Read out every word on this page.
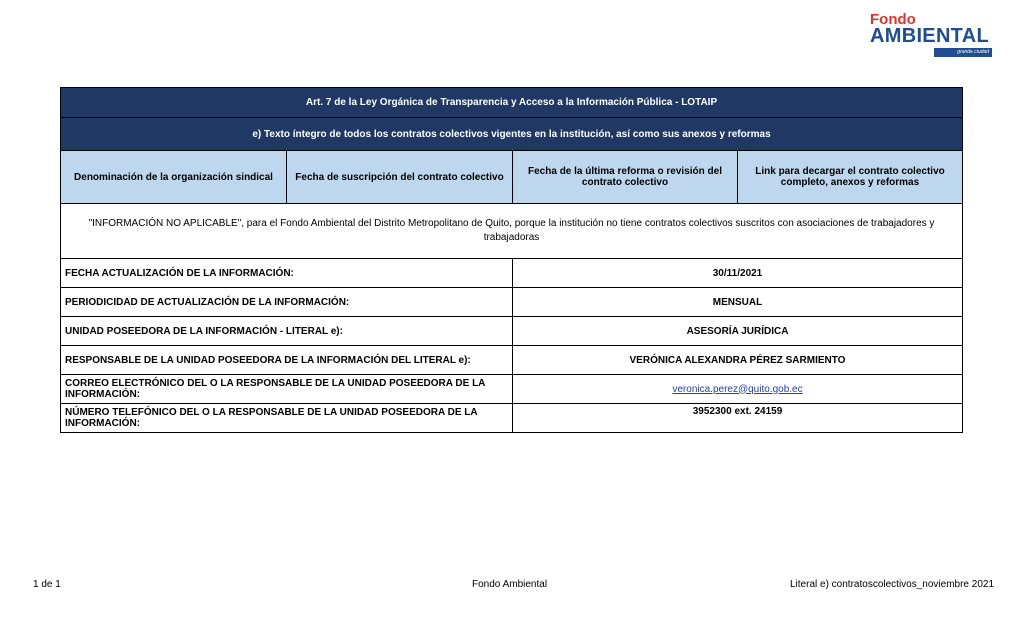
Fondo
AMBIENTAL
grande ciudad
Art. 7 de la Ley Orgánica de Transparencia y Acceso a la Información Pública - LOTAIP			
e) Texto íntegro de todos los contratos colectivos vigentes en la institución, así como sus anexos y reformas			
Denominación de la organización sindical	Fecha de suscripción del contrato colectivo	Fecha de la última reforma o revisión del contrato colectivo	Link para decargar el contrato colectivo completo, anexos y reformas
"INFORMACIÓN NO APLICABLE", para el Fondo Ambiental del Distrito Metropolitano de Quito, porque la institución no tiene contratos colectivos suscritos con asociaciones de trabajadores y trabajadoras			
FECHA ACTUALIZACIÓN DE LA INFORMACIÓN:		30/11/2021	
PERIODICIDAD DE ACTUALIZACIÓN DE LA INFORMACIÓN:		MENSUAL	
UNIDAD POSEEDORA DE LA INFORMACIÓN - LITERAL e):		ASESORÍA JURÍDICA	
RESPONSABLE DE LA UNIDAD POSEEDORA DE LA INFORMACIÓN DEL LITERAL e):		VERÓNICA ALEXANDRA PÉREZ SARMIENTO	
CORREO ELECTRÓNICO DEL O LA RESPONSABLE DE LA UNIDAD POSEEDORA DE LA INFORMACIÓN:		veronica.perez@quito.gob.ec	
NÚMERO TELEFÓNICO DEL O LA RESPONSABLE DE LA UNIDAD POSEEDORA DE LA INFORMACIÓN:		3952300 ext. 24159	
1 de 1	Fondo Ambiental	Literal e) contratoscolectivos_noviembre 2021
